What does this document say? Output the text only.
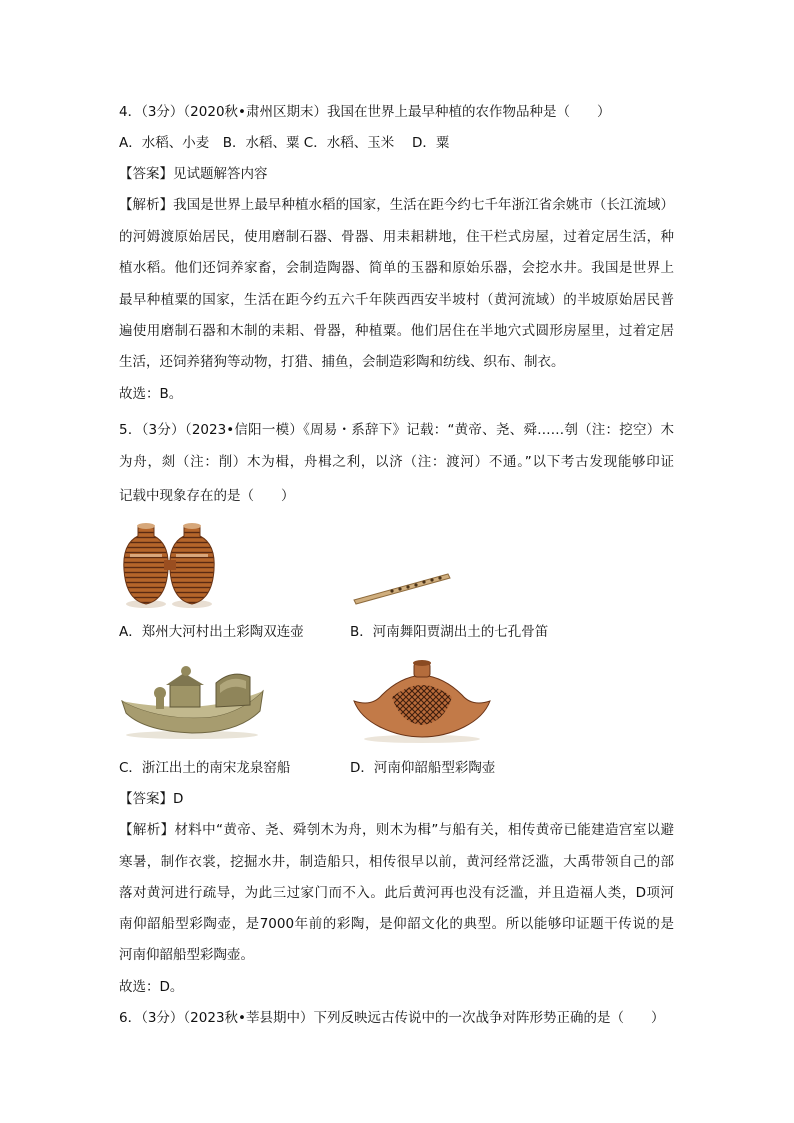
4．（3分）（2020秋•肃州区期末）我国在世界上最早种植的农作物品种是（　　）
A．水稻、小麦　B．水稻、粟 C．水稻、玉米　 D．粟
【答案】见试题解答内容
【解析】我国是世界上最早种植水稻的国家，生活在距今约七千年浙江省余姚市（长江流域）
的河姆渡原始居民，使用磨制石器、骨器、用耒耜耕地，住干栏式房屋，过着定居生活，种
植水稻。他们还饲养家畜，会制造陶器、简单的玉器和原始乐器，会挖水井。我国是世界上
最早种植粟的国家，生活在距今约五六千年陕西西安半坡村（黄河流域）的半坡原始居民普
遍使用磨制石器和木制的耒耜、骨器，种植粟。他们居住在半地穴式圆形房屋里，过着定居
生活，还饲养猪狗等动物，打猎、捕鱼，会制造彩陶和纺线、织布、制衣。
故选：B。
5．（3分）（2023•信阳一模）《周易・系辞下》记载：“黄帝、尧、舜……刳（注：挖空）木
为舟，剡（注：削）木为楫，舟楫之利，以济（注：渡河）不通。”以下考古发现能够印证
记载中现象存在的是（　　）
A．郑州大河村出土彩陶双连壶	B．河南舞阳贾湖出土的七孔骨笛
C．浙江出土的南宋龙泉窑船	D．河南仰韶船型彩陶壶
【答案】D
【解析】材料中“黄帝、尧、舜刳木为舟，则木为楫”与船有关，相传黄帝已能建造宫室以避
寒暑，制作衣裳，挖掘水井，制造船只，相传很早以前，黄河经常泛滥，大禹带领自己的部
落对黄河进行疏导，为此三过家门而不入。此后黄河再也没有泛滥，并且造福人类，D项河
南仰韶船型彩陶壶，是7000年前的彩陶，是仰韶文化的典型。所以能够印证题干传说的是
河南仰韶船型彩陶壶。
故选：D。
6．（3分）（2023秋•莘县期中）下列反映远古传说中的一次战争对阵形势正确的是（　　）
